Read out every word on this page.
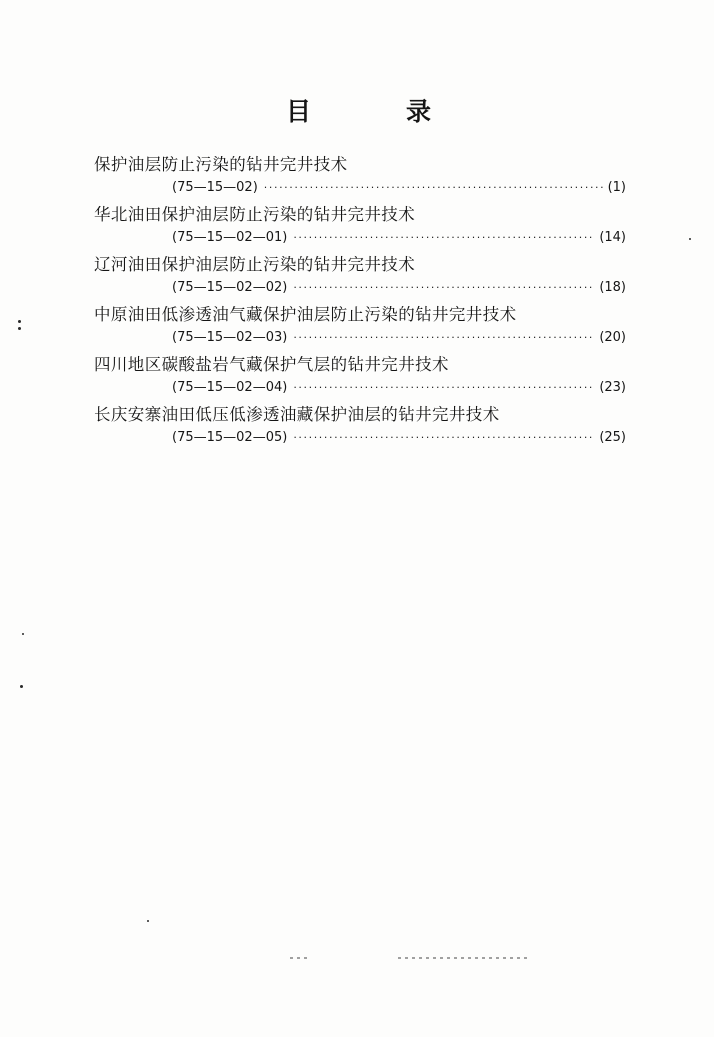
目	录
保护油层防止污染的钻井完井技术
(75—15—02) ·····	(1)
华北油田保护油层防止污染的钻井完井技术
(75—15—02—01) ·····	(14)
辽河油田保护油层防止污染的钻井完井技术
(75—15—02—02) ·····	(18)
中原油田低渗透油气藏保护油层防止污染的钻井完井技术
(75—15—02—03) ·····	(20)
四川地区碳酸盐岩气藏保护气层的钻井完井技术
(75—15—02—04) ·····	(23)
长庆安寨油田低压低渗透油藏保护油层的钻井完井技术
(75—15—02—05) ·····	(25)
